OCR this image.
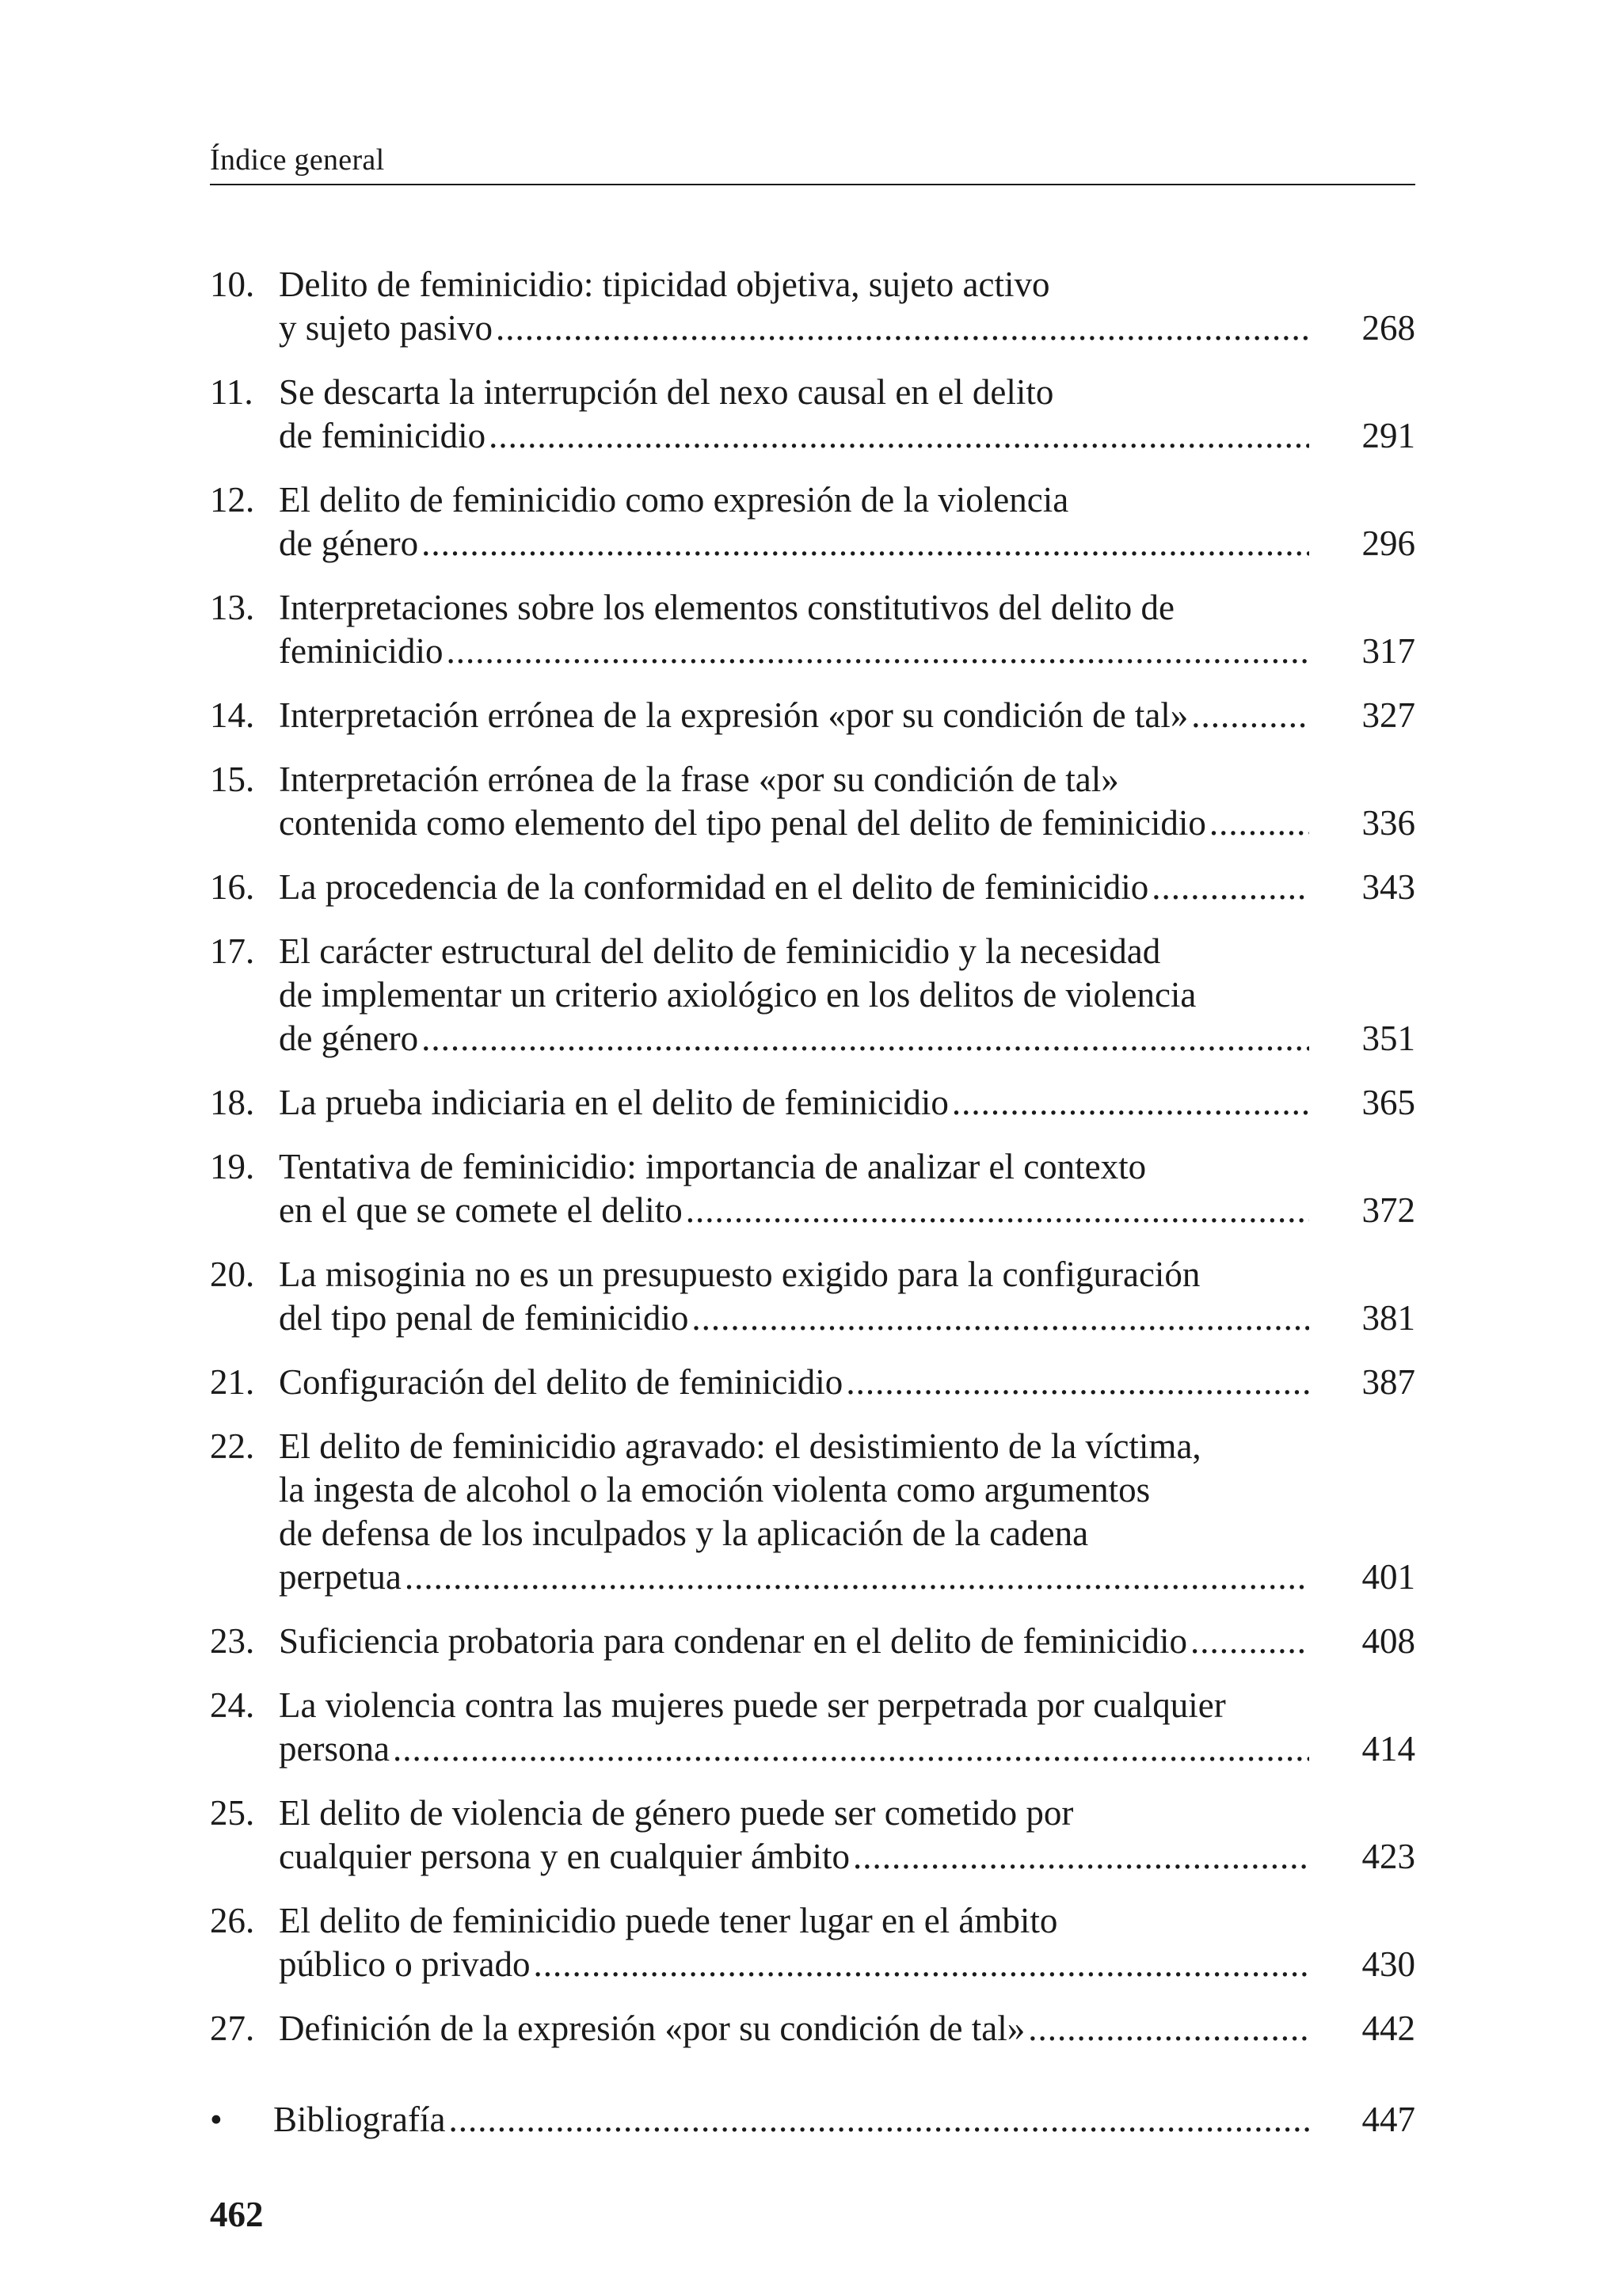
Índice general
10. Delito de feminicidio: tipicidad objetiva, sujeto activo
y sujeto pasivo .....	268
11. Se descarta la interrupción del nexo causal en el delito
de feminicidio .....	291
12. El delito de feminicidio como expresión de la violencia
de género .....	296
13. Interpretaciones sobre los elementos constitutivos del delito de
feminicidio .....	317
14. Interpretación errónea de la expresión «por su condición de tal» .....	327
15. Interpretación errónea de la frase «por su condición de tal»
contenida como elemento del tipo penal del delito de feminicidio .....	336
16. La procedencia de la conformidad en el delito de feminicidio .....	343
17. El carácter estructural del delito de feminicidio y la necesidad
de implementar un criterio axiológico en los delitos de violencia
de género .....	351
18. La prueba indiciaria en el delito de feminicidio .....	365
19. Tentativa de feminicidio: importancia de analizar el contexto
en el que se comete el delito .....	372
20. La misoginia no es un presupuesto exigido para la configuración
del tipo penal de feminicidio .....	381
21. Configuración del delito de feminicidio .....	387
22. El delito de feminicidio agravado: el desistimiento de la víctima,
la ingesta de alcohol o la emoción violenta como argumentos
de defensa de los inculpados y la aplicación de la cadena
perpetua .....	401
23. Suficiencia probatoria para condenar en el delito de feminicidio .....	408
24. La violencia contra las mujeres puede ser perpetrada por cualquier
persona .....	414
25. El delito de violencia de género puede ser cometido por
cualquier persona y en cualquier ámbito .....	423
26. El delito de feminicidio puede tener lugar en el ámbito
público o privado .....	430
27. Definición de la expresión «por su condición de tal» .....	442
•	Bibliografía .....	447
462
